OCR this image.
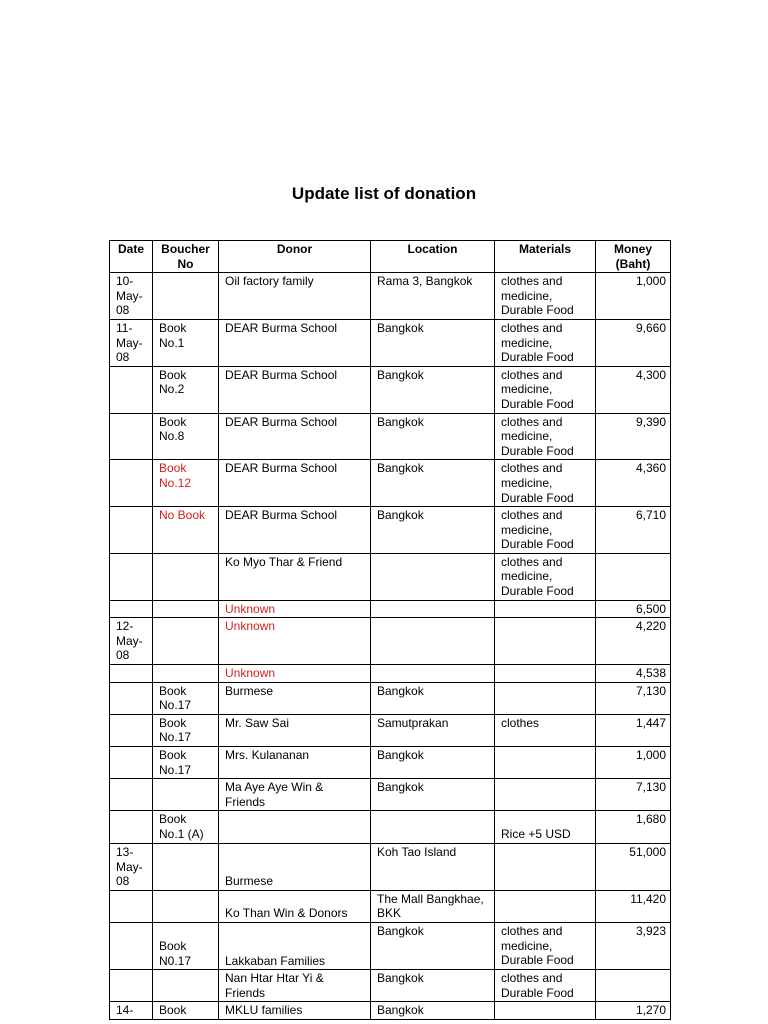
Update list of donation
Date	Boucher No	Donor	Location	Materials	Money (Baht)
10-May-08		Oil factory family	Rama 3, Bangkok	clothes and medicine, Durable Food	1,000
11-May-08	Book No.1	DEAR Burma School	Bangkok	clothes and medicine, Durable Food	9,660
	Book No.2	DEAR Burma School	Bangkok	clothes and medicine, Durable Food	4,300
	Book No.8	DEAR Burma School	Bangkok	clothes and medicine, Durable Food	9,390
	Book No.12	DEAR Burma School	Bangkok	clothes and medicine, Durable Food	4,360
	No Book	DEAR Burma School	Bangkok	clothes and medicine, Durable Food	6,710
		Ko Myo Thar & Friend		clothes and medicine, Durable Food	
		Unknown			6,500
12-May-08		Unknown			4,220
		Unknown			4,538
	Book No.17	Burmese	Bangkok		7,130
	Book No.17	Mr. Saw Sai	Samutprakan	clothes	1,447
	Book No.17	Mrs. Kulananan	Bangkok		1,000
		Ma Aye Aye Win & Friends	Bangkok		7,130
	Book No.1 (A)			Rice +5 USD	1,680
13-May-08		Burmese	Koh Tao Island		51,000
		Ko Than Win & Donors	The Mall Bangkhae, BKK		11,420
	Book N0.17	Lakkaban Families	Bangkok	clothes and medicine, Durable Food	3,923
		Nan Htar Htar Yi & Friends	Bangkok	clothes and Durable Food	
14-	Book	MKLU families	Bangkok		1,270
